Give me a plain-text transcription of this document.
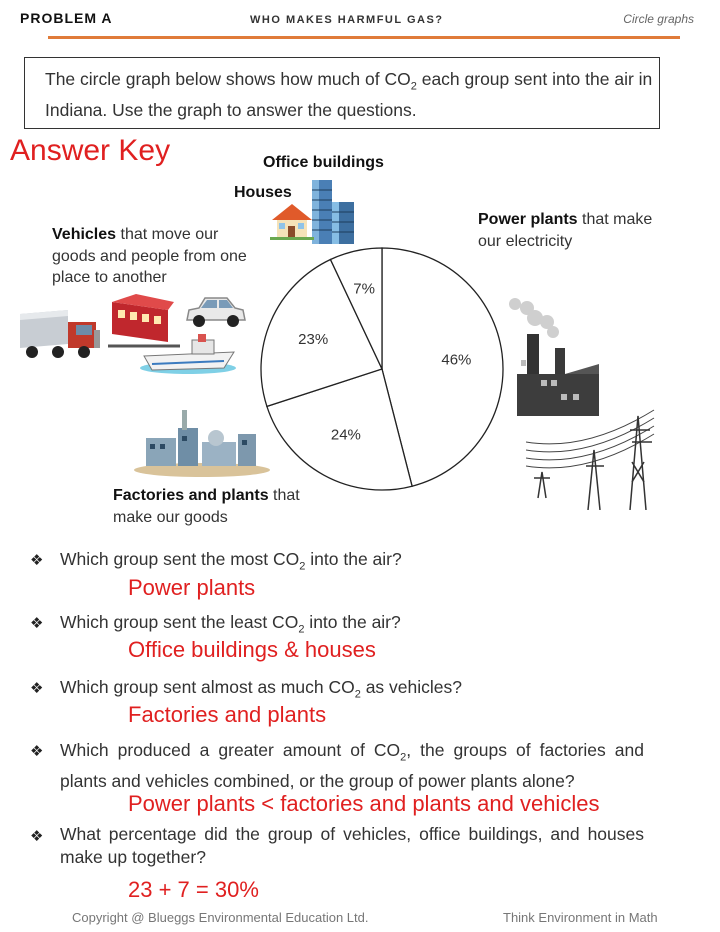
PROBLEM A	WHO MAKES HARMFUL GAS?	Circle graphs
The circle graph below shows how much of $CO_2$ each group sent into the air in Indiana. Use the graph to answer the questions.
Answer Key	Office buildings
Houses
Power plants that make our electricity
Vehicles that move our goods and people from one place to another
Factories and plants that make our goods
46%
24%
23%
7%
❖ Which group sent the most $CO_2$ into the air?
Power plants
❖ Which group sent the least $CO_2$ into the air?
Office buildings & houses
❖ Which group sent almost as much $CO_2$ as vehicles?
Factories and plants
❖ Which produced a greater amount of $CO_2$, the groups of factories and plants and vehicles combined, or the group of power plants alone?
Power plants < factories and plants and vehicles
❖ What percentage did the group of vehicles, office buildings, and houses make up together?
23 + 7 = 30%
Copyright @ Blueggs Environmental Education Ltd.	Think Environment in Math
